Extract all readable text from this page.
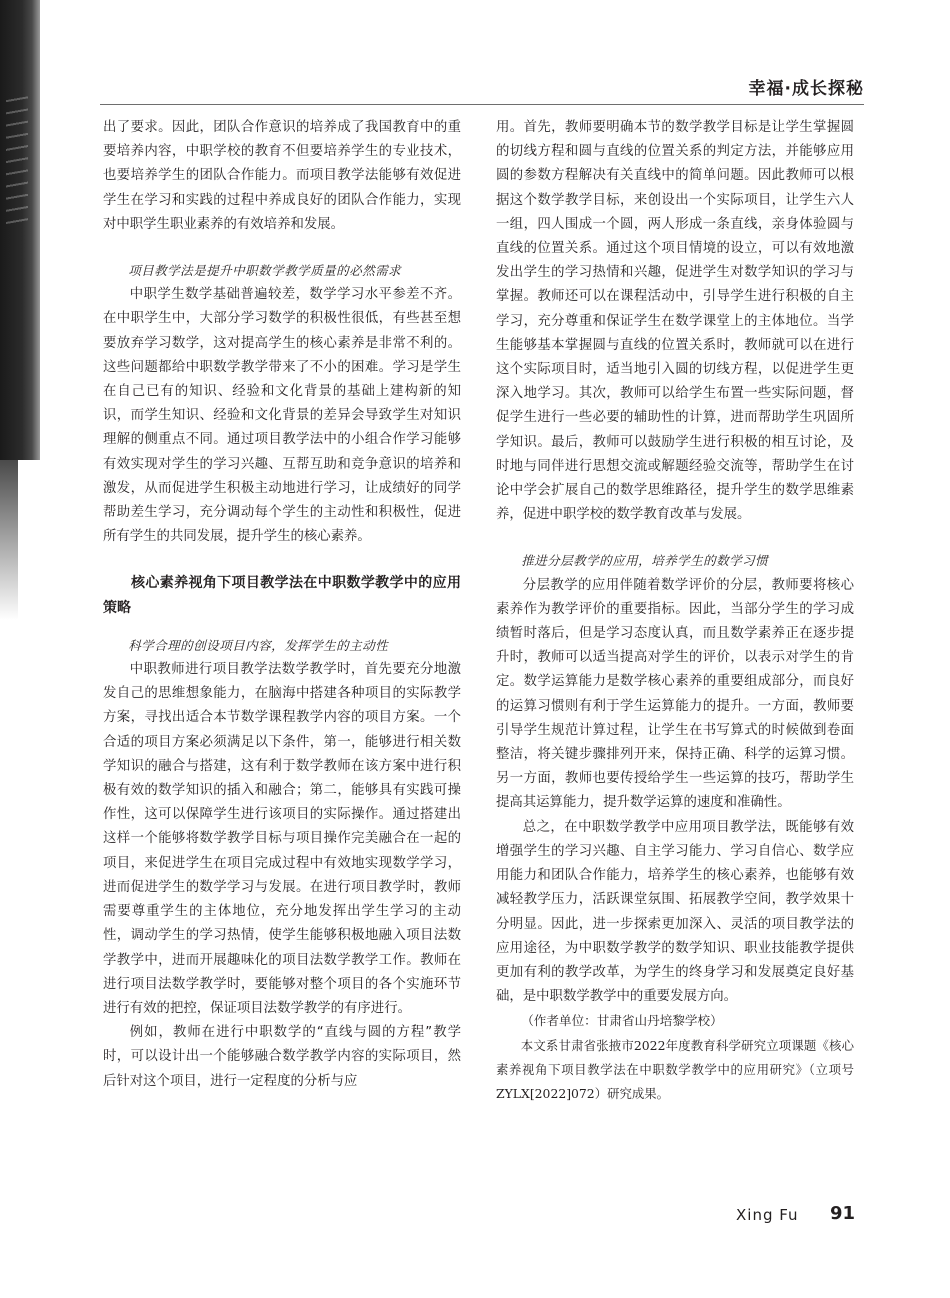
幸福·成长探秘

出了要求。因此，团队合作意识的培养成了我国教育中的重要培养内容，中职学校的教育不但要培养学生的专业技术，也要培养学生的团队合作能力。而项目教学法能够有效促进学生在学习和实践的过程中养成良好的团队合作能力，实现对中职学生职业素养的有效培养和发展。

项目教学法是提升中职数学教学质量的必然需求

中职学生数学基础普遍较差，数学学习水平参差不齐。在中职学生中，大部分学习数学的积极性很低，有些甚至想要放弃学习数学，这对提高学生的核心素养是非常不利的。这些问题都给中职数学教学带来了不小的困难。学习是学生在自己已有的知识、经验和文化背景的基础上建构新的知识，而学生知识、经验和文化背景的差异会导致学生对知识理解的侧重点不同。通过项目教学法中的小组合作学习能够有效实现对学生的学习兴趣、互帮互助和竞争意识的培养和激发，从而促进学生积极主动地进行学习，让成绩好的同学帮助差生学习，充分调动每个学生的主动性和积极性，促进所有学生的共同发展，提升学生的核心素养。

核心素养视角下项目教学法在中职数学教学中的应用策略

科学合理的创设项目内容，发挥学生的主动性

中职教师进行项目教学法数学教学时，首先要充分地激发自己的思维想象能力，在脑海中搭建各种项目的实际教学方案，寻找出适合本节数学课程教学内容的项目方案。一个合适的项目方案必须满足以下条件，第一，能够进行相关数学知识的融合与搭建，这有利于数学教师在该方案中进行积极有效的数学知识的插入和融合；第二，能够具有实践可操作性，这可以保障学生进行该项目的实际操作。通过搭建出这样一个能够将数学教学目标与项目操作完美融合在一起的项目，来促进学生在项目完成过程中有效地实现数学学习，进而促进学生的数学学习与发展。在进行项目教学时，教师需要尊重学生的主体地位，充分地发挥出学生学习的主动性，调动学生的学习热情，使学生能够积极地融入项目法数学教学中，进而开展趣味化的项目法数学教学工作。教师在进行项目法数学教学时，要能够对整个项目的各个实施环节进行有效的把控，保证项目法数学教学的有序进行。

例如，教师在进行中职数学的“直线与圆的方程”教学时，可以设计出一个能够融合数学教学内容的实际项目，然后针对这个项目，进行一定程度的分析与应

用。首先，教师要明确本节的数学教学目标是让学生掌握圆的切线方程和圆与直线的位置关系的判定方法，并能够应用圆的参数方程解决有关直线中的简单问题。因此教师可以根据这个数学教学目标，来创设出一个实际项目，让学生六人一组，四人围成一个圆，两人形成一条直线，亲身体验圆与直线的位置关系。通过这个项目情境的设立，可以有效地激发出学生的学习热情和兴趣，促进学生对数学知识的学习与掌握。教师还可以在课程活动中，引导学生进行积极的自主学习，充分尊重和保证学生在数学课堂上的主体地位。当学生能够基本掌握圆与直线的位置关系时，教师就可以在进行这个实际项目时，适当地引入圆的切线方程，以促进学生更深入地学习。其次，教师可以给学生布置一些实际问题，督促学生进行一些必要的辅助性的计算，进而帮助学生巩固所学知识。最后，教师可以鼓励学生进行积极的相互讨论，及时地与同伴进行思想交流或解题经验交流等，帮助学生在讨论中学会扩展自己的数学思维路径，提升学生的数学思维素养，促进中职学校的数学教育改革与发展。

推进分层教学的应用，培养学生的数学习惯

分层教学的应用伴随着数学评价的分层，教师要将核心素养作为教学评价的重要指标。因此，当部分学生的学习成绩暂时落后，但是学习态度认真，而且数学素养正在逐步提升时，教师可以适当提高对学生的评价，以表示对学生的肯定。数学运算能力是数学核心素养的重要组成部分，而良好的运算习惯则有利于学生运算能力的提升。一方面，教师要引导学生规范计算过程，让学生在书写算式的时候做到卷面整洁，将关键步骤排列开来，保持正确、科学的运算习惯。另一方面，教师也要传授给学生一些运算的技巧，帮助学生提高其运算能力，提升数学运算的速度和准确性。

总之，在中职数学教学中应用项目教学法，既能够有效增强学生的学习兴趣、自主学习能力、学习自信心、数学应用能力和团队合作能力，培养学生的核心素养，也能够有效减轻教学压力，活跃课堂氛围、拓展教学空间，教学效果十分明显。因此，进一步探索更加深入、灵活的项目教学法的应用途径，为中职数学教学的数学知识、职业技能教学提供更加有利的教学改革，为学生的终身学习和发展奠定良好基础，是中职数学教学中的重要发展方向。

（作者单位：甘肃省山丹培黎学校）

本文系甘肃省张掖市2022年度教育科学研究立项课题《核心素养视角下项目教学法在中职数学教学中的应用研究》（立项号ZYLX[2022]072）研究成果。

Xing Fu 91
